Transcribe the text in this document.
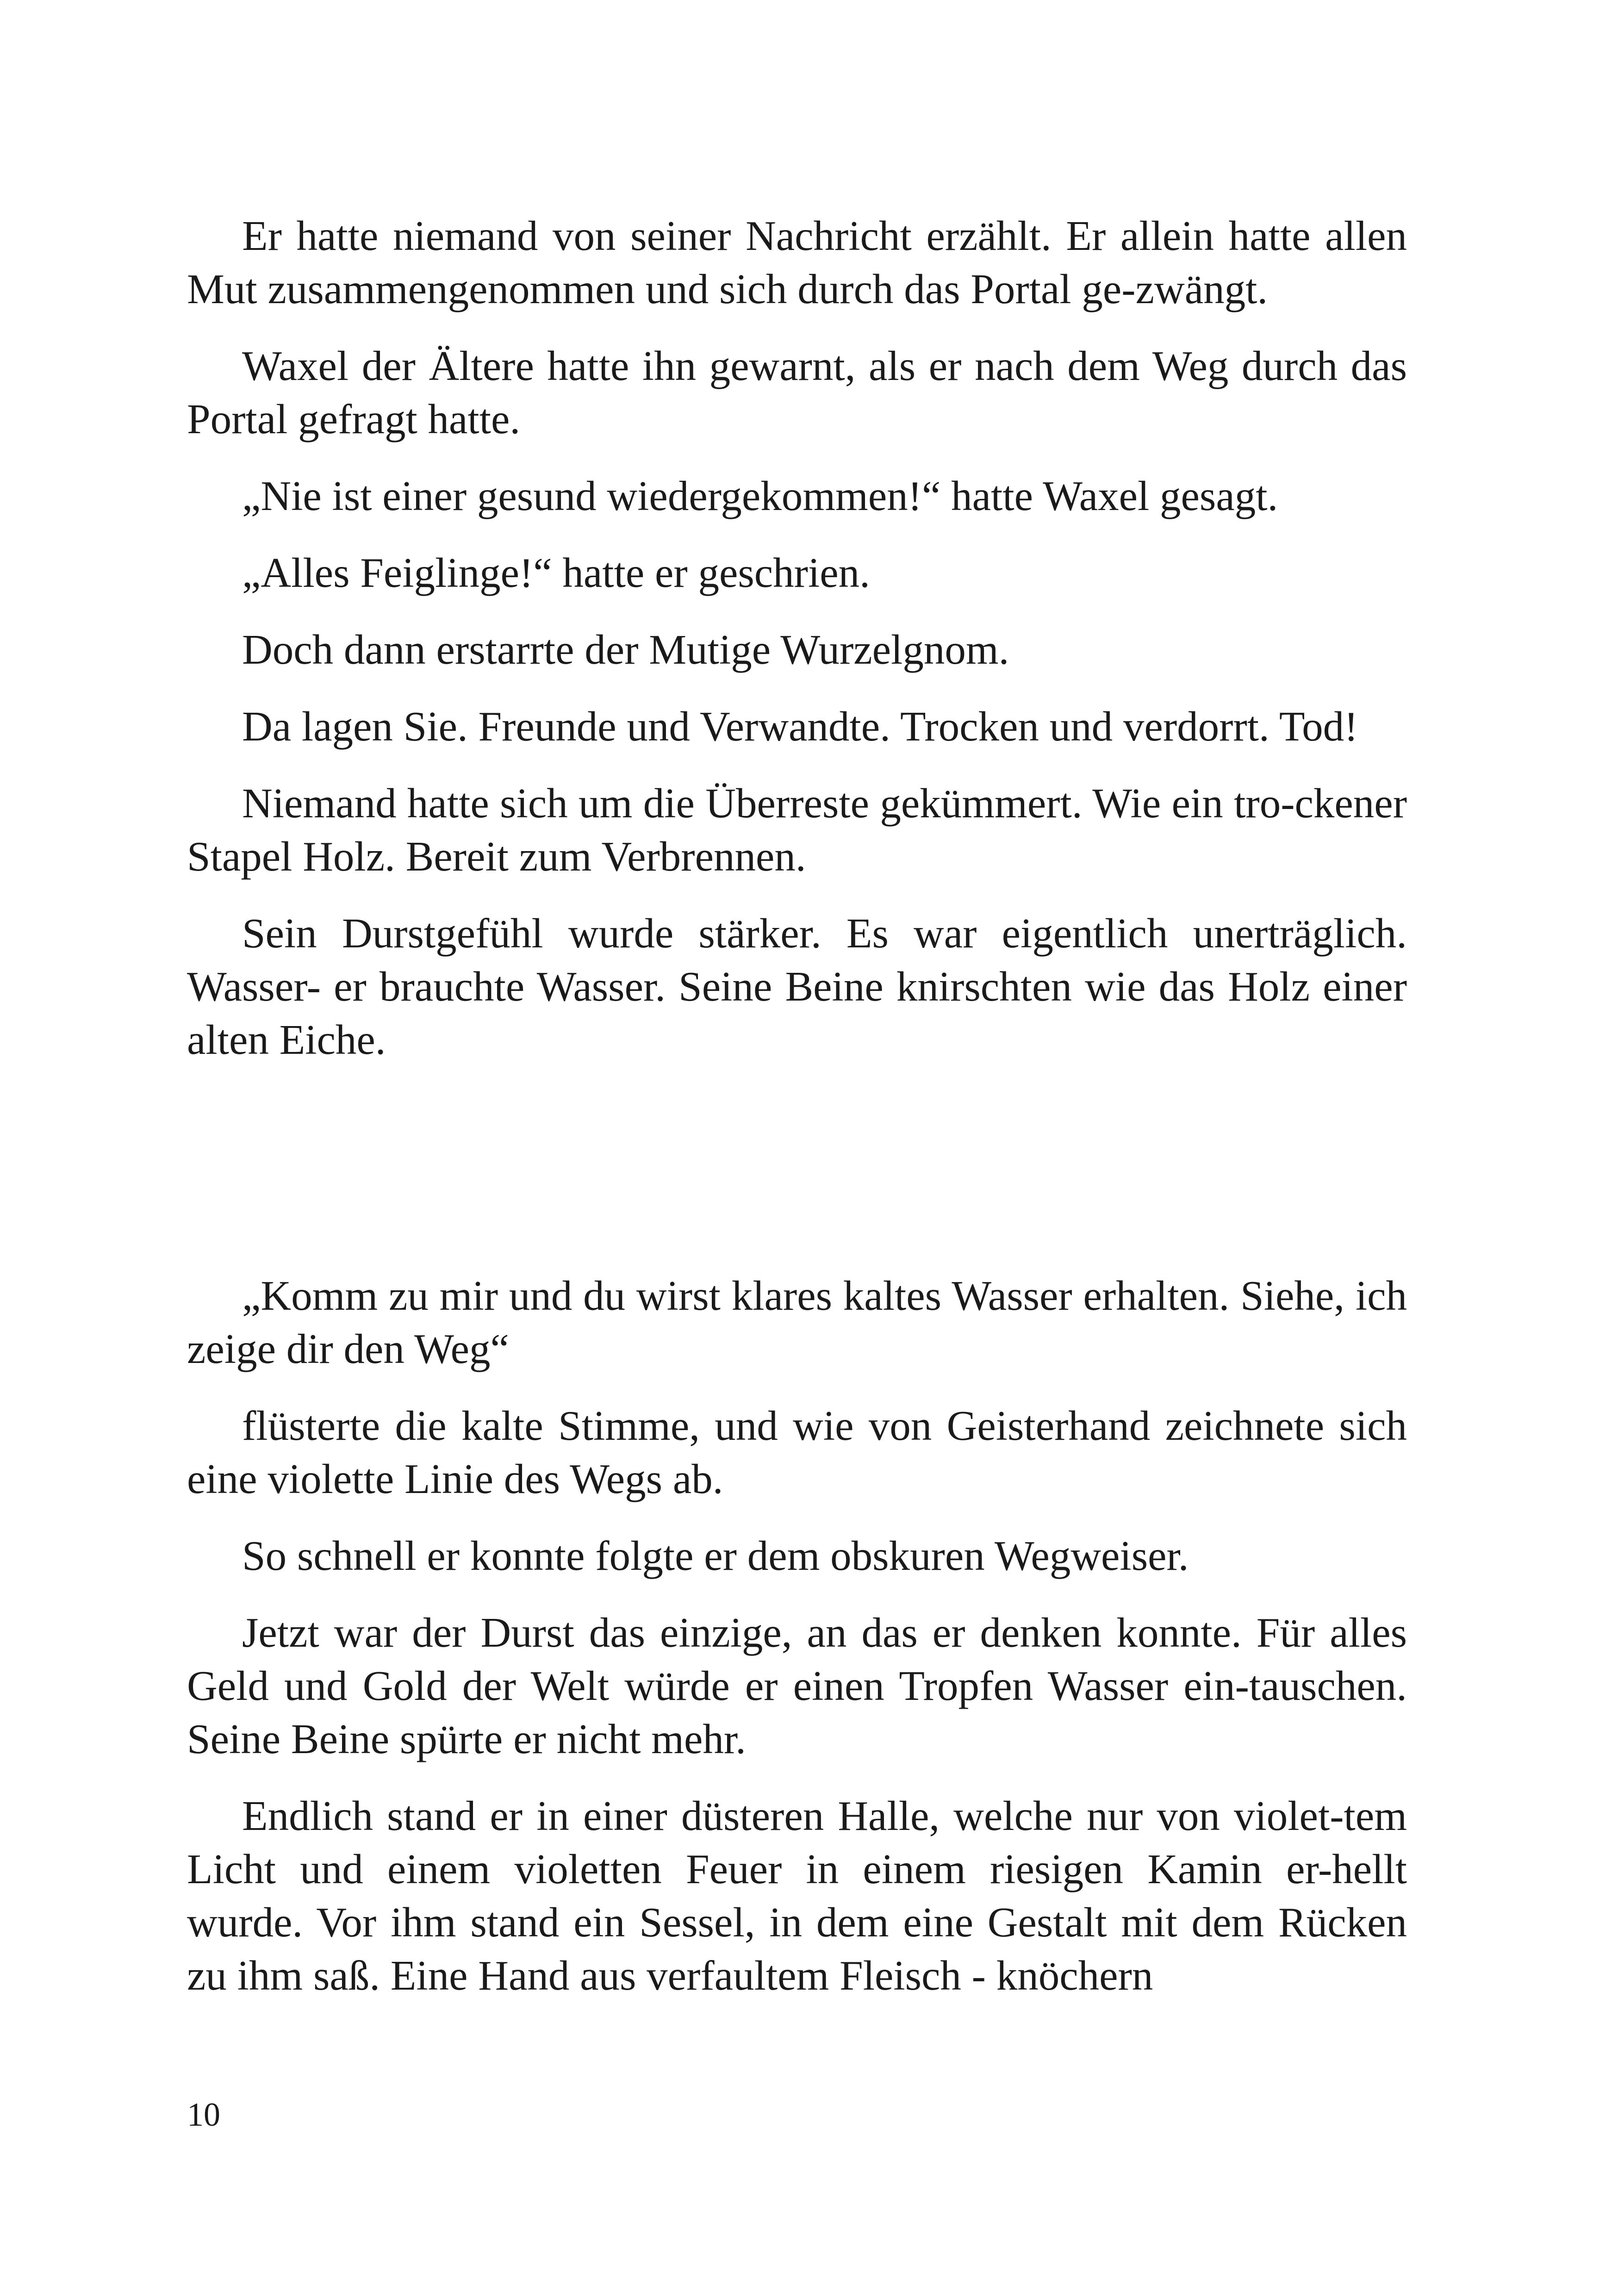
Er hatte niemand von seiner Nachricht erzählt. Er allein hatte allen Mut zusammengenommen und sich durch das Portal ge-zwängt.

Waxel der Ältere hatte ihn gewarnt, als er nach dem Weg durch das Portal gefragt hatte.

„Nie ist einer gesund wiedergekommen!“ hatte Waxel gesagt.

„Alles Feiglinge!“ hatte er geschrien.

Doch dann erstarrte der Mutige Wurzelgnom.

Da lagen Sie. Freunde und Verwandte. Trocken und verdorrt. Tod!

Niemand hatte sich um die Überreste gekümmert. Wie ein tro-ckener Stapel Holz. Bereit zum Verbrennen.

Sein Durstgefühl wurde stärker. Es war eigentlich unerträglich. Wasser- er brauchte Wasser. Seine Beine knirschten wie das Holz einer alten Eiche.

„Komm zu mir und du wirst klares kaltes Wasser erhalten. Siehe, ich zeige dir den Weg“

flüsterte die kalte Stimme, und wie von Geisterhand zeichnete sich eine violette Linie des Wegs ab.

So schnell er konnte folgte er dem obskuren Wegweiser.

Jetzt war der Durst das einzige, an das er denken konnte. Für alles Geld und Gold der Welt würde er einen Tropfen Wasser ein-tauschen. Seine Beine spürte er nicht mehr.

Endlich stand er in einer düsteren Halle, welche nur von violet-tem Licht und einem violetten Feuer in einem riesigen Kamin er-hellt wurde. Vor ihm stand ein Sessel, in dem eine Gestalt mit dem Rücken zu ihm saß. Eine Hand aus verfaultem Fleisch - knöchern

10
